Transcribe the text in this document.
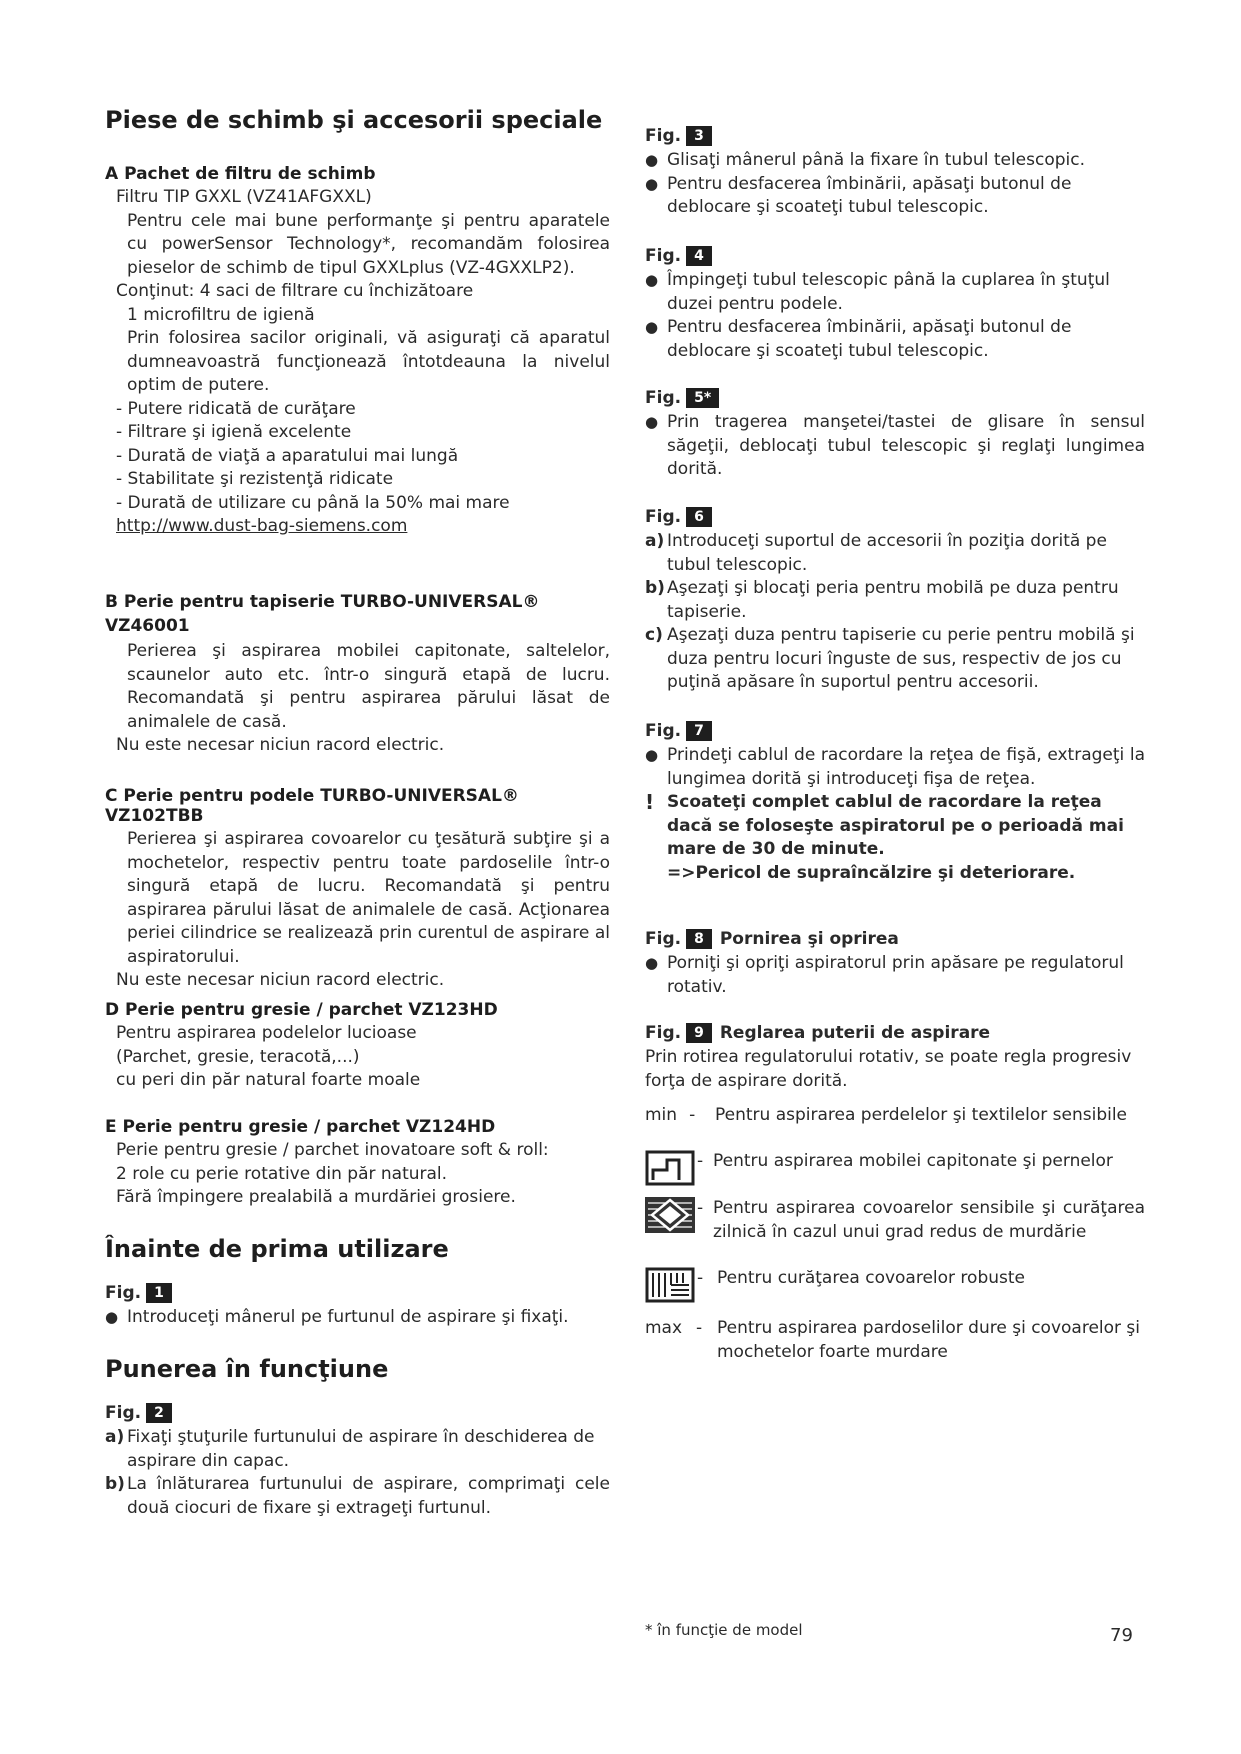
Piese de schimb şi accesorii speciale
A Pachet de filtru de schimb
Filtru TIP GXXL (VZ41AFGXXL)
Pentru cele mai bune performanţe şi pentru aparatele cu powerSensor Technology*, recomandăm folosirea pieselor de schimb de tipul GXXLplus (VZ-4GXXLP2).
Conţinut: 4 saci de filtrare cu închizătoare
1 microfiltru de igienă
Prin folosirea sacilor originali, vă asiguraţi că aparatul dumneavoastră funcţionează întotdeauna la nivelul optim de putere.
- Putere ridicată de curăţare
- Filtrare şi igienă excelente
- Durată de viaţă a aparatului mai lungă
- Stabilitate şi rezistenţă ridicate
- Durată de utilizare cu până la 50% mai mare
http://www.dust-bag-siemens.com
B Perie pentru tapiserie TURBO-UNIVERSAL® VZ46001
Perierea şi aspirarea mobilei capitonate, saltelelor, scaunelor auto etc. într-o singură etapă de lucru. Recomandată şi pentru aspirarea părului lăsat de animalele de casă.
Nu este necesar niciun racord electric.
C Perie pentru podele TURBO-UNIVERSAL® VZ102TBB
Perierea şi aspirarea covoarelor cu ţesătură subţire şi a mochetelor, respectiv pentru toate pardoselile într-o singură etapă de lucru. Recomandată şi pentru aspirarea părului lăsat de animalele de casă. Acţionarea periei cilindrice se realizează prin curentul de aspirare al aspiratorului.
Nu este necesar niciun racord electric.
D Perie pentru gresie / parchet VZ123HD
Pentru aspirarea podelelor lucioase
(Parchet, gresie, teracotă,...)
cu peri din păr natural foarte moale
E Perie pentru gresie / parchet VZ124HD
Perie pentru gresie / parchet inovatoare soft & roll:
2 role cu perie rotative din păr natural.
Fără împingere prealabilă a murdăriei grosiere.
Înainte de prima utilizare
Fig. 1
● Introduceţi mânerul pe furtunul de aspirare şi fixaţi.
Punerea în funcţiune
Fig. 2
a) Fixaţi ştuţurile furtunului de aspirare în deschiderea de aspirare din capac.
b) La înlăturarea furtunului de aspirare, comprimaţi cele două ciocuri de fixare şi extrageţi furtunul.
Fig. 3
● Glisaţi mânerul până la fixare în tubul telescopic.
● Pentru desfacerea îmbinării, apăsaţi butonul de deblocare şi scoateţi tubul telescopic.
Fig. 4
● Împingeţi tubul telescopic până la cuplarea în ştuţul duzei pentru podele.
● Pentru desfacerea îmbinării, apăsaţi butonul de deblocare şi scoateţi tubul telescopic.
Fig. 5*
● Prin tragerea manşetei/tastei de glisare în sensul săgeţii, deblocaţi tubul telescopic şi reglaţi lungimea dorită.
Fig. 6
a) Introduceţi suportul de accesorii în poziţia dorită pe tubul telescopic.
b) Aşezaţi şi blocaţi peria pentru mobilă pe duza pentru tapiserie.
c) Aşezaţi duza pentru tapiserie cu perie pentru mobilă şi duza pentru locuri înguste de sus, respectiv de jos cu puţină apăsare în suportul pentru accesorii.
Fig. 7
● Prindeţi cablul de racordare la reţea de fişă, extrageţi la lungimea dorită şi introduceţi fişa de reţea.
! Scoateţi complet cablul de racordare la reţea dacă se foloseşte aspiratorul pe o perioadă mai mare de 30 de minute.
=>Pericol de supraîncălzire şi deteriorare.
Fig. 8 Pornirea şi oprirea
● Porniţi şi opriţi aspiratorul prin apăsare pe regulatorul rotativ.
Fig. 9 Reglarea puterii de aspirare
Prin rotirea regulatorului rotativ, se poate regla progresiv forţa de aspirare dorită.
min - Pentru aspirarea perdelelor şi textilelor sensibile
- Pentru aspirarea mobilei capitonate şi pernelor
- Pentru aspirarea covoarelor sensibile şi curăţarea zilnică în cazul unui grad redus de murdărie
- Pentru curăţarea covoarelor robuste
max - Pentru aspirarea pardoselilor dure şi covoarelor şi mochetelor foarte murdare
* în funcţie de model	79
